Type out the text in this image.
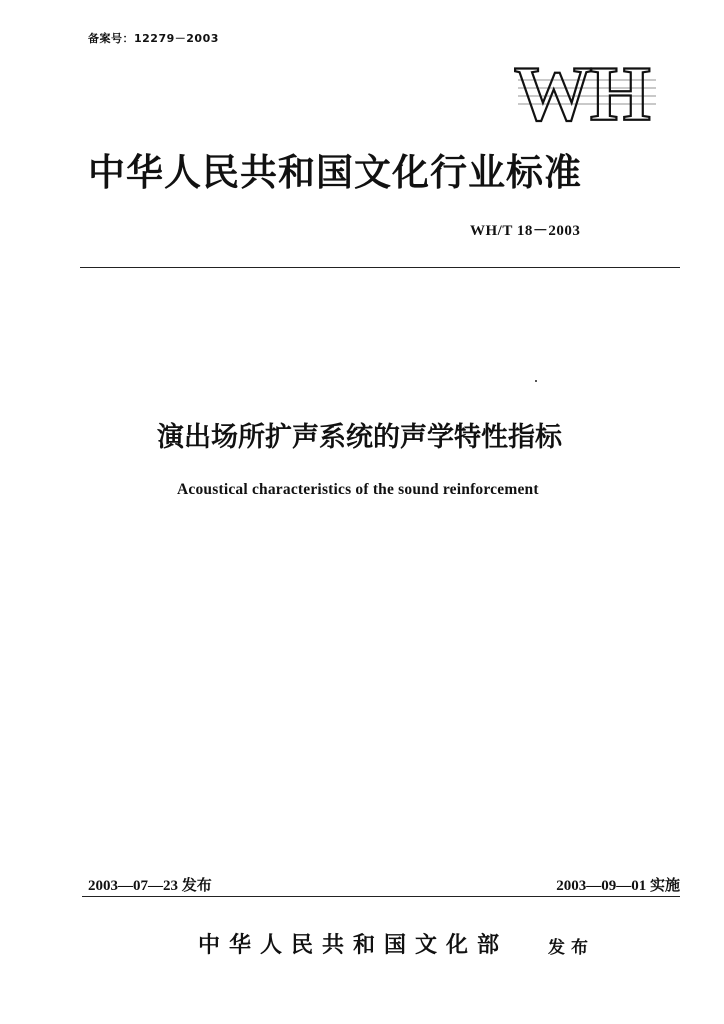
备案号：12279－2003
WH
中华人民共和国文化行业标准
WH/T 18－2003
演出场所扩声系统的声学特性指标
Acoustical characteristics of the sound reinforcement
2003—07—23 发布	2003—09—01 实施
中华人民共和国文化部 发布
